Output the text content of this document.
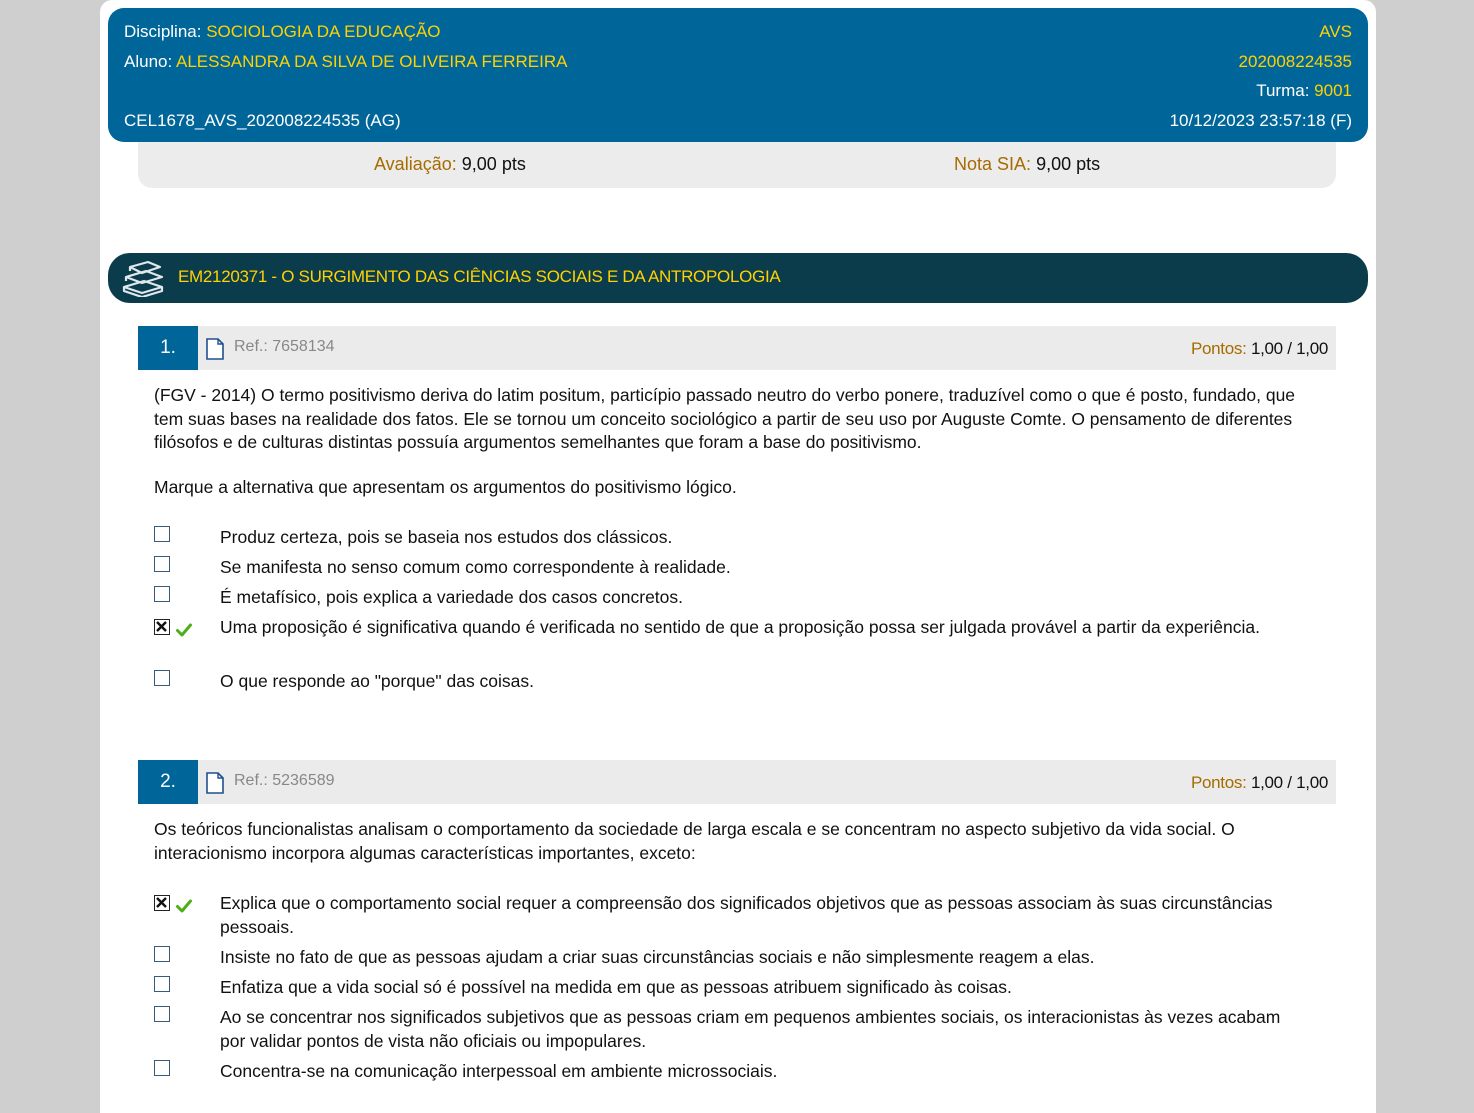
Disciplina: SOCIOLOGIA DA EDUCAÇÃO	AVS
Aluno: ALESSANDRA DA SILVA DE OLIVEIRA FERREIRA	202008224535
Turma: 9001
CEL1678_AVS_202008224535 (AG)	10/12/2023 23:57:18 (F)
Avaliação: 9,00 pts	Nota SIA: 9,00 pts
EM2120371 - O SURGIMENTO DAS CIÊNCIAS SOCIAIS E DA ANTROPOLOGIA
1.	Ref.: 7658134	Pontos: 1,00 / 1,00
(FGV - 2014) O termo positivismo deriva do latim positum, particípio passado neutro do verbo ponere, traduzível como o que é posto, fundado, que tem suas bases na realidade dos fatos. Ele se tornou um conceito sociológico a partir de seu uso por Auguste Comte. O pensamento de diferentes filósofos e de culturas distintas possuía argumentos semelhantes que foram a base do positivismo.
Marque a alternativa que apresentam os argumentos do positivismo lógico.
Produz certeza, pois se baseia nos estudos dos clássicos.
Se manifesta no senso comum como correspondente à realidade.
É metafísico, pois explica a variedade dos casos concretos.
Uma proposição é significativa quando é verificada no sentido de que a proposição possa ser julgada provável a partir da experiência.
O que responde ao "porque" das coisas.
2.	Ref.: 5236589	Pontos: 1,00 / 1,00
Os teóricos funcionalistas analisam o comportamento da sociedade de larga escala e se concentram no aspecto subjetivo da vida social. O interacionismo incorpora algumas características importantes, exceto:
Explica que o comportamento social requer a compreensão dos significados objetivos que as pessoas associam às suas circunstâncias pessoais.
Insiste no fato de que as pessoas ajudam a criar suas circunstâncias sociais e não simplesmente reagem a elas.
Enfatiza que a vida social só é possível na medida em que as pessoas atribuem significado às coisas.
Ao se concentrar nos significados subjetivos que as pessoas criam em pequenos ambientes sociais, os interacionistas às vezes acabam por validar pontos de vista não oficiais ou impopulares.
Concentra-se na comunicação interpessoal em ambiente microssociais.
